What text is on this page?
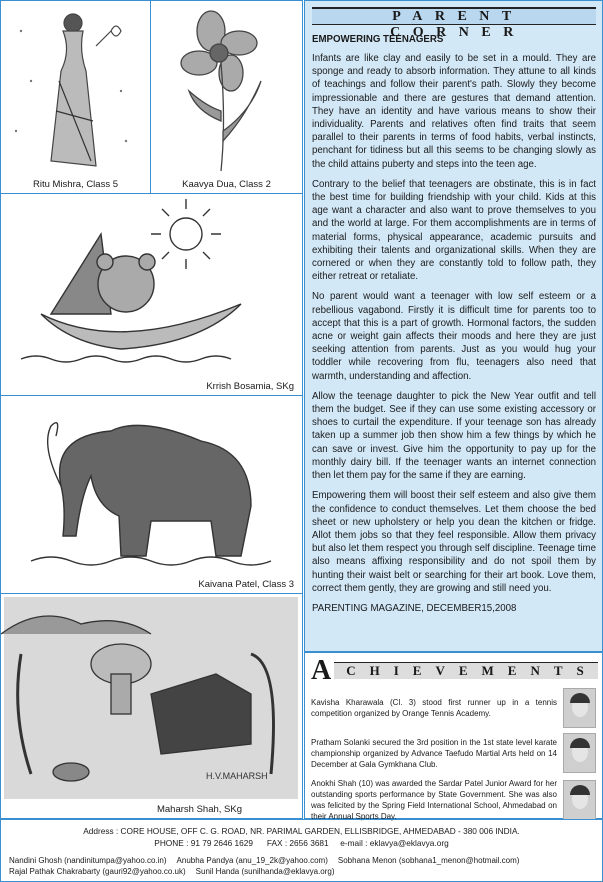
Ritu Mishra, Class 5	Kaavya Dua, Class 2
Krrish Bosamia, SKg
Kaivana Patel, Class 3
H.V.MAHARSH
Maharsh Shah, SKg
PARENT CORNER
EMPOWERING TEENAGERS

Infants are like clay and easily to be set in a mould. They are sponge and ready to absorb information. They attune to all kinds of teachings and follow their parent's path. Slowly they become impressionable and there are gestures that demand attention. They have an identity and have various means to show their individuality. Parents and relatives often find traits that seem parallel to their parents in terms of food habits, verbal instincts, penchant for tidiness but all this seems to be changing slowly as the child attains puberty and steps into the teen age.

Contrary to the belief that teenagers are obstinate, this is in fact the best time for building friendship with your child. Kids at this age want a character and also want to prove themselves to you and the world at large. For them accomplishments are in terms of material forms, physical appearance, academic pursuits and exhibiting their talents and organizational skills. When they are cornered or when they are constantly told to follow path, they either retreat or retaliate.

No parent would want a teenager with low self esteem or a rebellious vagabond. Firstly it is difficult time for parents too to accept that this is a part of growth. Hormonal factors, the sudden acne or weight gain affects their moods and here they are just seeking attention from parents. Just as you would hug your toddler while recovering from flu, teenagers also need that warmth, understanding and affection.

Allow the teenage daughter to pick the New Year outfit and tell them the budget. See if they can use some existing accessory or shoes to curtail the expenditure. If your teenage son has already taken up a summer job then show him a few things by which he can save or invest. Give him the opportunity to pay up for the monthly dairy bill. If the teenager wants an internet connection then let them pay for the same if they are earning.

Empowering them will boost their self esteem and also give them the confidence to conduct themselves. Let them choose the bed sheet or new upholstery or help you dean the kitchen or fridge. Allot them jobs so that they feel responsible. Allow them privacy but also let them respect you through self discipline. Teenage time also means affixing responsibility and do not spoil them by hunting their waist belt or searching for their art book. Love them, correct them gently, they are growing and still need you.

PARENTING MAGAZINE, DECEMBER15,2008

A	CHIEVEMENTS
Kavisha Kharawala (Cl. 3) stood first runner up in a tennis competition organized by Orange Tennis Academy.
Pratham Solanki secured the 3rd position in the 1st state level karate championship organized by Advance Taefudo Martial Arts held on 14 December at Gala Gymkhana Club.
Anokhi Shah (10) was awarded the Sardar Patel Junior Award for her outstanding sports performance by State Government. She was also was felicited by the Spring Field International School, Ahmedabad on their Annual Sports Day.
Address : CORE HOUSE, OFF C. G. ROAD, NR. PARIMAL GARDEN, ELLISBRIDGE, AHMEDABAD - 380 006 INDIA.
PHONE : 91 79 2646 1629 FAX : 2656 3681 e-mail : eklavya@eklavya.org
Nandini Ghosh (nandinitumpa@yahoo.co.in) Anubha Pandya (anu_19_2k@yahoo.com) Sobhana Menon (sobhana1_menon@hotmail.com)
Rajal Pathak Chakrabarty (gauri92@yahoo.co.uk) Sunil Handa (sunilhanda@eklavya.org)
